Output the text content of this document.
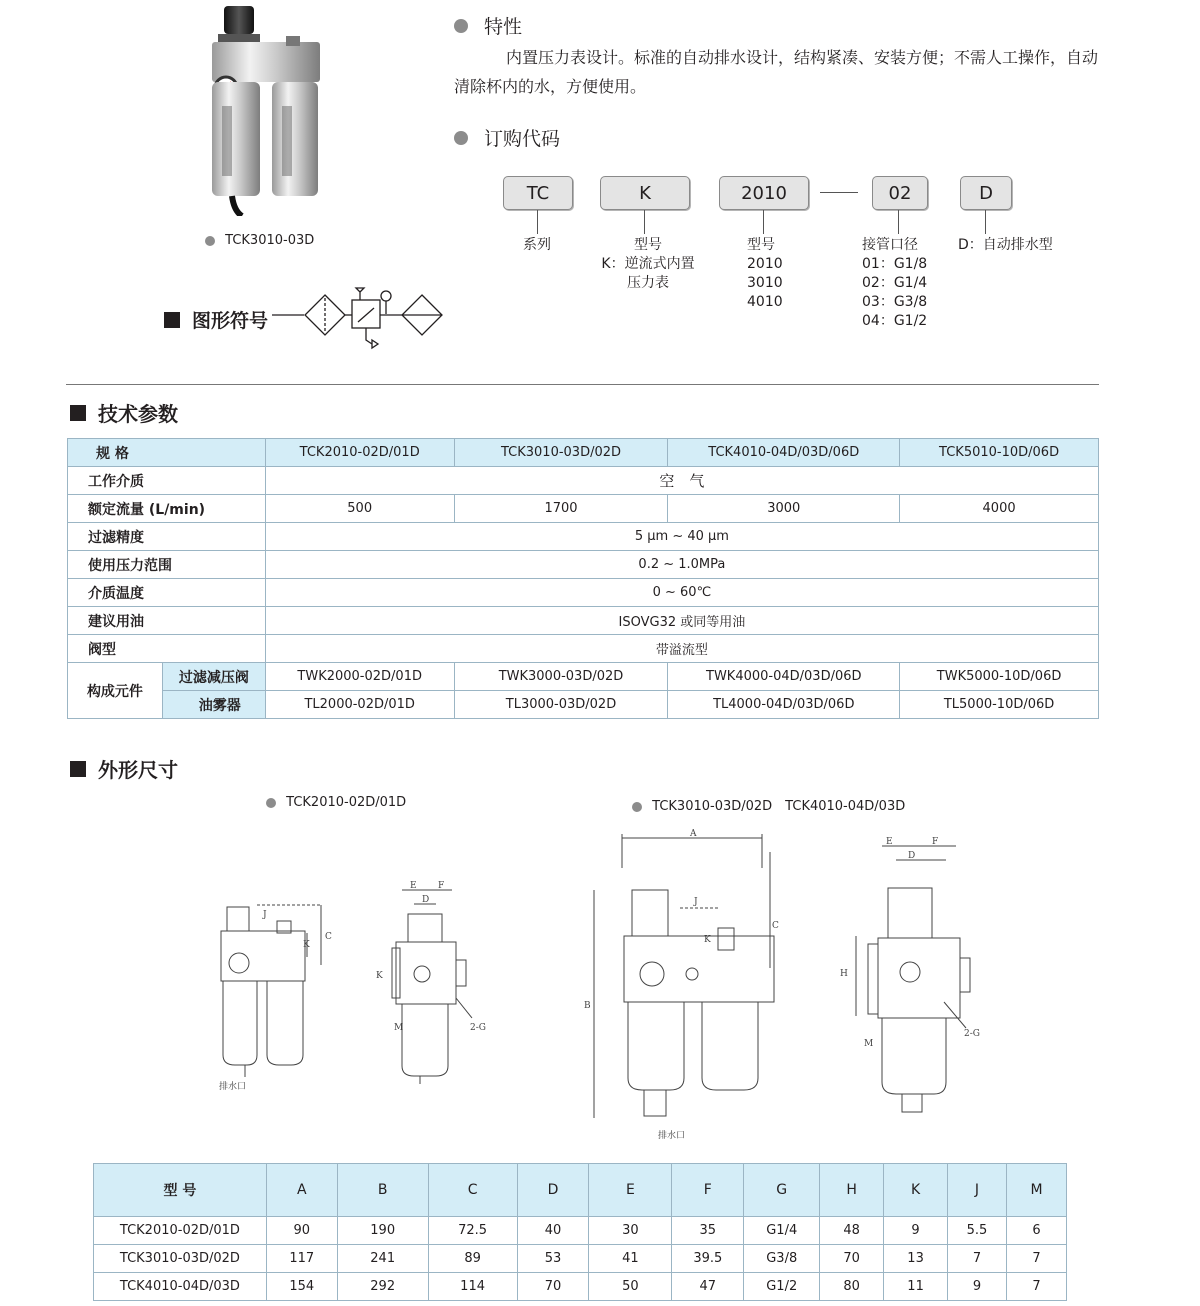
TCK3010-03D
特性
内置压力表设计。标准的自动排水设计，结构紧凑、安装方便；不需人工操作，自动清除杯内的水，方便使用。
订购代码
TC	K	2010	02	D
系列	型号
K：逆流式内置
压力表
型号
2010
3010
4010
接管口径
01：G1/8
02：G1/4
03：G3/8
04：G1/2
D：自动排水型
图形符号
技术参数
规 格		TCK2010-02D/01D	TCK3010-03D/02D	TCK4010-04D/03D/06D	TCK5010-10D/06D
工作介质		空　气			
额定流量 (L/min)		500	1700	3000	4000
过滤精度		5 μm ~ 40 μm			
使用压力范围		0.2 ~ 1.0MPa			
介质温度		0 ~ 60℃			
建议用油		ISOVG32 或同等用油			
阀型		带溢流型			
构成元件	过滤减压阀	TWK2000-02D/01D	TWK3000-03D/02D	TWK4000-04D/03D/06D	TWK5000-10D/06D
	油雾器	TL2000-02D/01D	TL3000-03D/02D	TL4000-04D/03D/06D	TL5000-10D/06D
外形尺寸
TCK2010-02D/01D	TCK3010-03D/02D　TCK4010-04D/03D
排水口
C
K
J
E F
D
K
M	2-G
A
B
C
J
K
排水口
E	F
D
H
M
2-G
型 号	A	B	C	D	E	F	G	H	K	J	M
TCK2010-02D/01D	90	190	72.5	40	30	35	G1/4	48	9	5.5	6
TCK3010-03D/02D	117	241	89	53	41	39.5	G3/8	70	13	7	7
TCK4010-04D/03D	154	292	114	70	50	47	G1/2	80	11	9	7
